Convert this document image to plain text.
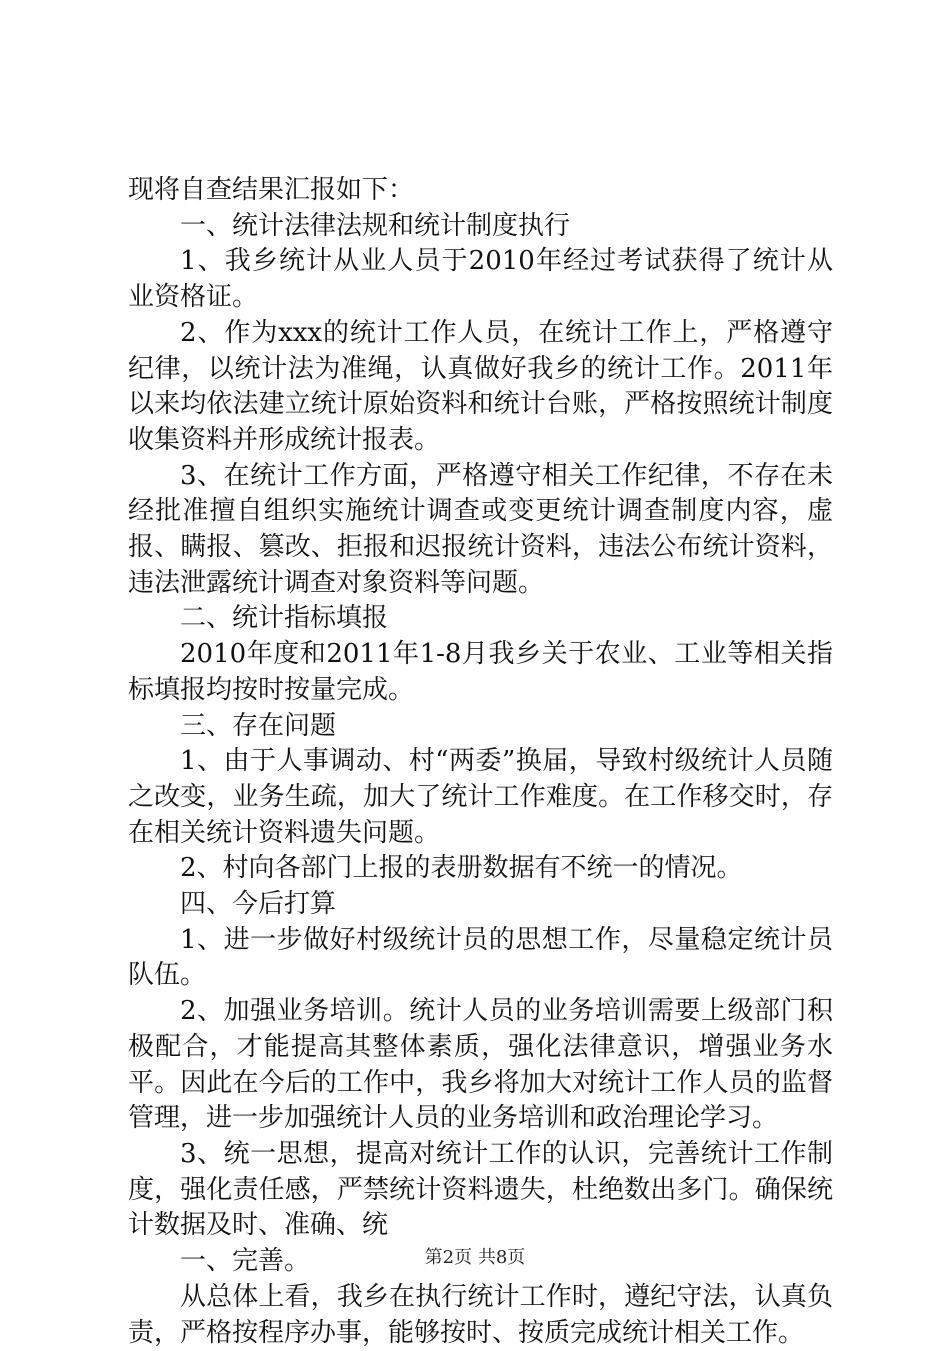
现将自查结果汇报如下：

一、统计法律法规和统计制度执行

1、我乡统计从业人员于2010年经过考试获得了统计从业资格证。

2、作为xxx的统计工作人员，在统计工作上，严格遵守纪律，以统计法为准绳，认真做好我乡的统计工作。2011年以来均依法建立统计原始资料和统计台账，严格按照统计制度收集资料并形成统计报表。

3、在统计工作方面，严格遵守相关工作纪律，不存在未经批准擅自组织实施统计调查或变更统计调查制度内容，虚报、瞒报、篡改、拒报和迟报统计资料，违法公布统计资料，违法泄露统计调查对象资料等问题。

二、统计指标填报

2010年度和2011年1-8月我乡关于农业、工业等相关指标填报均按时按量完成。

三、存在问题

1、由于人事调动、村“两委”换届，导致村级统计人员随之改变，业务生疏，加大了统计工作难度。在工作移交时，存在相关统计资料遗失问题。

2、村向各部门上报的表册数据有不统一的情况。

四、今后打算

1、进一步做好村级统计员的思想工作，尽量稳定统计员队伍。

2、加强业务培训。统计人员的业务培训需要上级部门积极配合，才能提高其整体素质，强化法律意识，增强业务水平。因此在今后的工作中，我乡将加大对统计工作人员的监督管理，进一步加强统计人员的业务培训和政治理论学习。

3、统一思想，提高对统计工作的认识，完善统计工作制度，强化责任感，严禁统计资料遗失，杜绝数出多门。确保统计数据及时、准确、统

一、完善。

从总体上看，我乡在执行统计工作时，遵纪守法，认真负责，严格按程序办事，能够按时、按质完成统计相关工作。

第2页 共8页
